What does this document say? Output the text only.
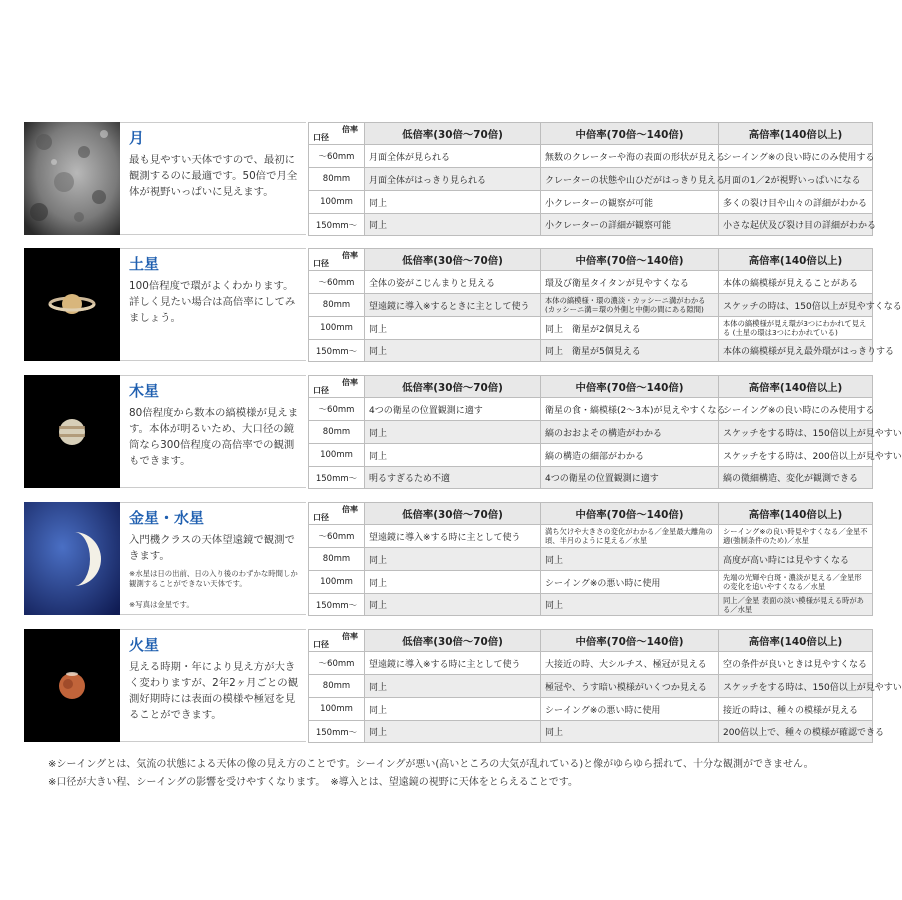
月
最も見やすい天体ですので、最初に観測するのに最適です。50倍で月全体が視野いっぱいに見えます。
倍率
口径	低倍率(30倍～70倍)	中倍率(70倍～140倍)	高倍率(140倍以上)
～60mm	月面全体が見られる	無数のクレーターや海の表面の形状が見える	シーイング※の良い時にのみ使用する
80mm	月面全体がはっきり見られる	クレーターの状態や山ひだがはっきり見える	月面の1／2が視野いっぱいになる
100mm	同上	小クレーターの観察が可能	多くの裂け目や山々の詳細がわかる
150mm～	同上	小クレーターの詳細が観察可能	小さな起伏及び裂け目の詳細がわかる
土星
100倍程度で環がよくわかります。詳しく見たい場合は高倍率にしてみましょう。
倍率
口径	低倍率(30倍～70倍)	中倍率(70倍～140倍)	高倍率(140倍以上)
～60mm	全体の姿がこじんまりと見える	環及び衛星タイタンが見やすくなる	本体の縞模様が見えることがある
80mm	望遠鏡に導入※するときに主として使う	本体の縞模様・環の濃淡・カッシーニ溝がわかる (カッシーニ溝＝環の外側と中側の間にある隙間)	スケッチの時は、150倍以上が見やすくなる
100mm	同上	同上　衛星が2個見える	本体の縞模様が見え環が3つにわかれて見える (土星の環は3つにわかれている)
150mm～	同上	同上　衛星が5個見える	本体の縞模様が見え最外環がはっきりする
木星
80倍程度から数本の縞模様が見えます。本体が明るいため、大口径の鏡筒なら300倍程度の高倍率での観測もできます。
倍率
口径	低倍率(30倍～70倍)	中倍率(70倍～140倍)	高倍率(140倍以上)
～60mm	4つの衛星の位置観測に適す	衛星の食・縞模様(2～3本)が見えやすくなる	シーイング※の良い時にのみ使用する
80mm	同上	縞のおおよその構造がわかる	スケッチをする時は、150倍以上が見やすい
100mm	同上	縞の構造の細部がわかる	スケッチをする時は、200倍以上が見やすい
150mm～	明るすぎるため不適	4つの衛星の位置観測に適す	縞の微細構造、変化が観測できる
金星・水星
入門機クラスの天体望遠鏡で観測できます。
※水星は日の出前、日の入り後のわずかな時間しか観測することができない天体です。
※写真は金星です。
倍率
口径	低倍率(30倍～70倍)	中倍率(70倍～140倍)	高倍率(140倍以上)
～60mm	望遠鏡に導入※する時に主として使う	満ち欠けや大きさの変化がわかる／金星最大離角の頃、半月のように見える／水星	シーイング※の良い時見やすくなる／金星不適(強制条件のため)／水星
80mm	同上	同上	高度が高い時には見やすくなる
100mm	同上	シーイング※の悪い時に使用	先端の光輝や白斑・濃淡が見える／金星形の変化を追いやすくなる／水星
150mm～	同上	同上	同上／金星 表面の淡い模様が見える時がある／水星
火星
見える時期・年により見え方が大きく変わりますが、2年2ヶ月ごとの観測好期時には表面の模様や極冠を見ることができます。
倍率
口径	低倍率(30倍～70倍)	中倍率(70倍～140倍)	高倍率(140倍以上)
～60mm	望遠鏡に導入※する時に主として使う	大接近の時、大シルチス、極冠が見える	空の条件が良いときは見やすくなる
80mm	同上	極冠や、うす暗い模様がいくつか見える	スケッチをする時は、150倍以上が見やすい
100mm	同上	シーイング※の悪い時に使用	接近の時は、種々の模様が見える
150mm～	同上	同上	200倍以上で、種々の模様が確認できる
※シーイングとは、気流の状態による天体の像の見え方のことです。シーイングが悪い(高いところの大気が乱れている)と像がゆらゆら揺れて、十分な観測ができません。
※口径が大きい程、シーイングの影響を受けやすくなります。　※導入とは、望遠鏡の視野に天体をとらえることです。
